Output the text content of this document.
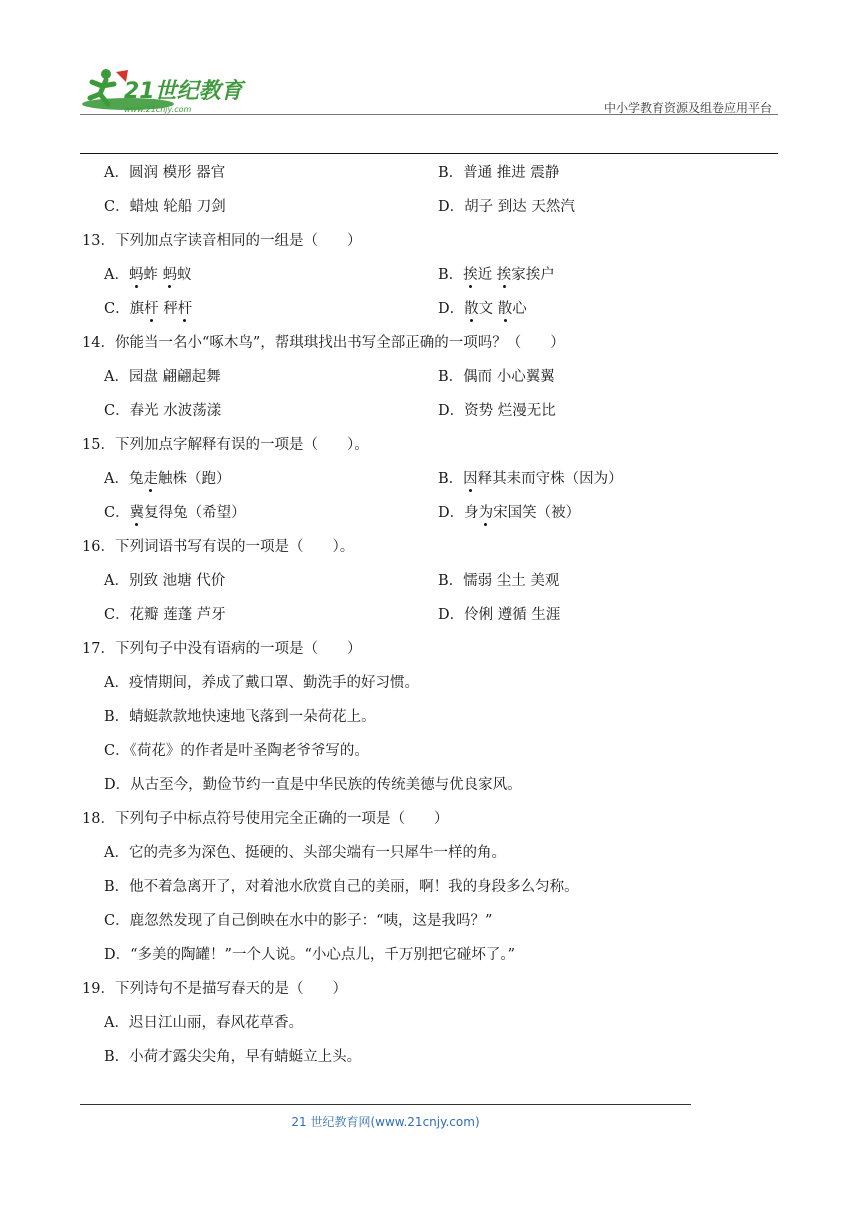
21世纪教育
www.21cnjy.com	中小学教育资源及组卷应用平台
A．圆润 模形 器官	B．普通 推进 震静
C．蜡烛 轮船 刀剑	D．胡子 到达 天然汽
13．下列加点字读音相同的一组是（　　）
A．蚂蚱 蚂蚁	B．挨近 挨家挨户
C．旗杆 秤杆	D．散文 散心
14．你能当一名小“啄木鸟”，帮琪琪找出书写全部正确的一项吗？（　　）
A．园盘 翩翩起舞	B．偶而 小心翼翼
C．春光 水波荡漾	D．资势 烂漫无比
15．下列加点字解释有误的一项是（　　）。
A．兔走触株（跑）	B．因释其耒而守株（因为）
C．冀复得兔（希望）	D．身为宋国笑（被）
16．下列词语书写有误的一项是（　　）。
A．别致 池塘 代价	B．懦弱 尘土 美观
C．花瓣 莲蓬 芦牙	D．伶俐 遵循 生涯
17．下列句子中没有语病的一项是（　　）
A．疫情期间，养成了戴口罩、勤洗手的好习惯。
B．蜻蜓款款地快速地飞落到一朵荷花上。
C．《荷花》的作者是叶圣陶老爷爷写的。
D．从古至今，勤俭节约一直是中华民族的传统美德与优良家风。
18．下列句子中标点符号使用完全正确的一项是（　　）
A．它的壳多为深色、挺硬的、头部尖端有一只犀牛一样的角。
B．他不着急离开了，对着池水欣赏自己的美丽，啊！我的身段多么匀称。
C．鹿忽然发现了自己倒映在水中的影子：“咦，这是我吗？”
D．“多美的陶罐！”一个人说。“小心点儿，千万别把它碰坏了。”
19．下列诗句不是描写春天的是（　　）
A．迟日江山丽，春风花草香。
B．小荷才露尖尖角，早有蜻蜓立上头。
21 世纪教育网(www.21cnjy.com)
